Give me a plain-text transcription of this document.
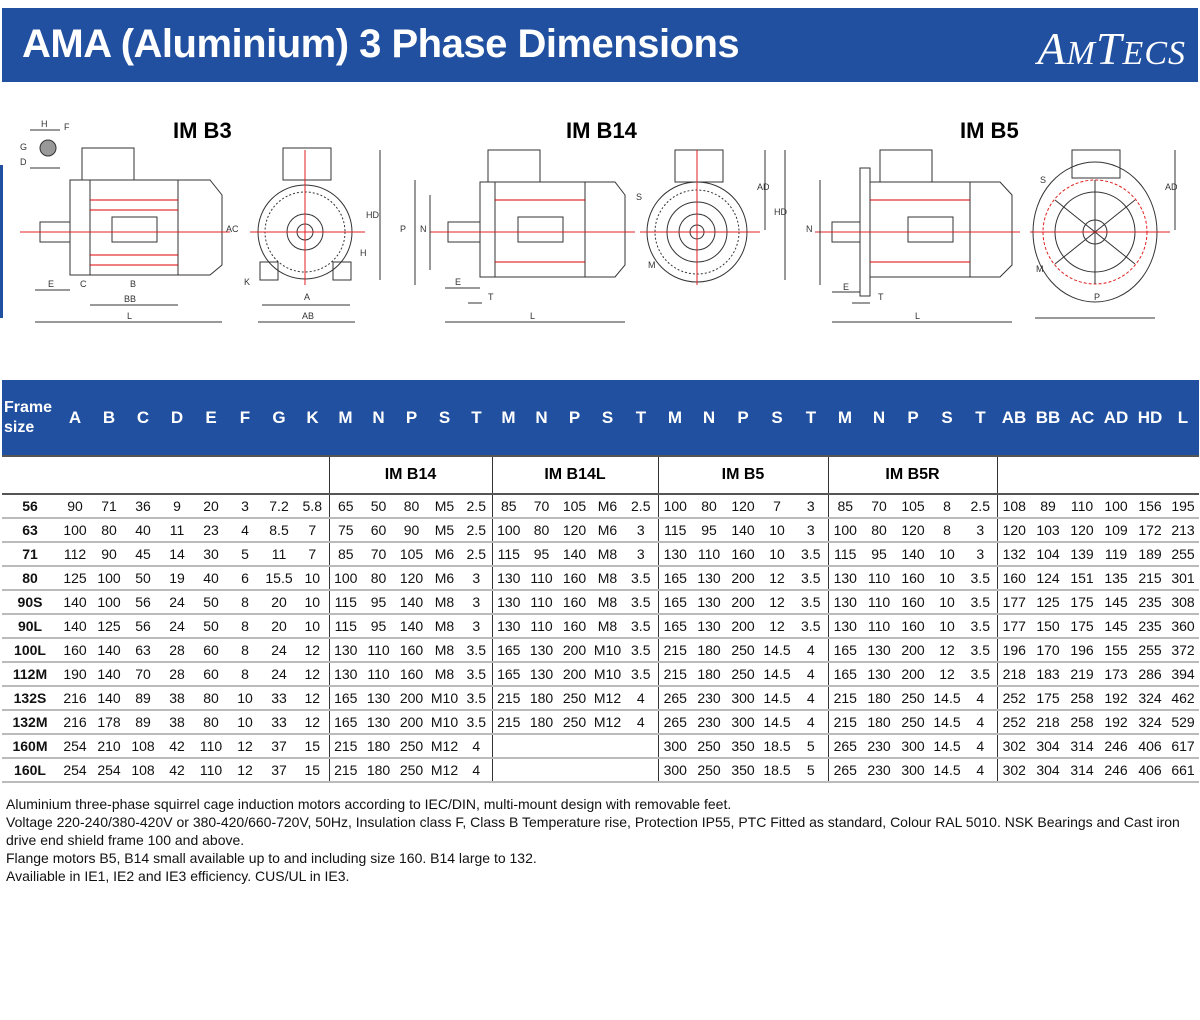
AMA (Aluminium) 3 Phase Dimensions	AMTECS
IM B3	IM B14	IM B5
H F
G
D
E	C	B
BB
L
AC
HD
H
K
A
AB
P N
E
T
L
S
M
AD
HD
N
E
T
L
S
M
AD
P
Frame
size	A	B	C	D	E	F	G	K	M	N	P	S	T	M	N	P	S	T	M	N	P	S	T	M	N	P	S	T	AB	BB	AC	AD	HD	L
									IM B14					IM B14L					IM B5					IM B5R										
56	90	71	36	9	20	3	7.2	5.8	65	50	80	M5	2.5	85	70	105	M6	2.5	100	80	120	7	3	85	70	105	8	2.5	108	89	110	100	156	195
63	100	80	40	11	23	4	8.5	7	75	60	90	M5	2.5	100	80	120	M6	3	115	95	140	10	3	100	80	120	8	3	120	103	120	109	172	213
71	112	90	45	14	30	5	11	7	85	70	105	M6	2.5	115	95	140	M8	3	130	110	160	10	3.5	115	95	140	10	3	132	104	139	119	189	255
80	125	100	50	19	40	6	15.5	10	100	80	120	M6	3	130	110	160	M8	3.5	165	130	200	12	3.5	130	110	160	10	3.5	160	124	151	135	215	301
90S	140	100	56	24	50	8	20	10	115	95	140	M8	3	130	110	160	M8	3.5	165	130	200	12	3.5	130	110	160	10	3.5	177	125	175	145	235	308
90L	140	125	56	24	50	8	20	10	115	95	140	M8	3	130	110	160	M8	3.5	165	130	200	12	3.5	130	110	160	10	3.5	177	150	175	145	235	360
100L	160	140	63	28	60	8	24	12	130	110	160	M8	3.5	165	130	200	M10	3.5	215	180	250	14.5	4	165	130	200	12	3.5	196	170	196	155	255	372
112M	190	140	70	28	60	8	24	12	130	110	160	M8	3.5	165	130	200	M10	3.5	215	180	250	14.5	4	165	130	200	12	3.5	218	183	219	173	286	394
132S	216	140	89	38	80	10	33	12	165	130	200	M10	3.5	215	180	250	M12	4	265	230	300	14.5	4	215	180	250	14.5	4	252	175	258	192	324	462
132M	216	178	89	38	80	10	33	12	165	130	200	M10	3.5	215	180	250	M12	4	265	230	300	14.5	4	215	180	250	14.5	4	252	218	258	192	324	529
160M	254	210	108	42	110	12	37	15	215	180	250	M12	4						300	250	350	18.5	5	265	230	300	14.5	4	302	304	314	246	406	617
160L	254	254	108	42	110	12	37	15	215	180	250	M12	4						300	250	350	18.5	5	265	230	300	14.5	4	302	304	314	246	406	661
Aluminium three-phase squirrel cage induction motors according to IEC/DIN, multi-mount design with removable feet.
Voltage 220-240/380-420V or 380-420/660-720V, 50Hz, Insulation class F, Class B Temperature rise, Protection IP55, PTC Fitted as standard, Colour RAL 5010. NSK Bearings and Cast iron drive end shield frame 100 and above.
Flange motors B5, B14 small available up to and including size 160. B14 large to 132.
Availiable in IE1, IE2 and IE3 efficiency. CUS/UL in IE3.
